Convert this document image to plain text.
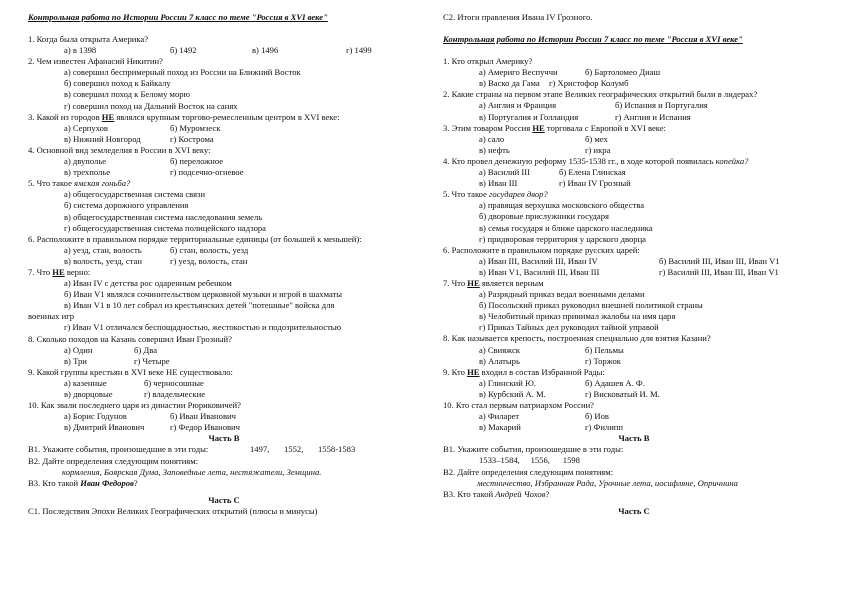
Контрольная работа по Истории России 7 класс по теме "Россия в XVI веке"
1. Когда была открыта Америка?
а) в 1398	б) 1492	в) 1496	г) 1499
2. Чем известен Афанасий Никитин?
а) совершил беспримерный поход из России на Ближний Восток
б) совершил поход к Байкалу
в) совершил поход к Белому морю
г) совершил поход на Дальний Восток на санях
3. Какой из городов НЕ являлся крупным торгово-ремесленным центром в XVI веке:
а) Серпухов	б) Муромзеск
в) Нижний Новгород	г) Кострома
4. Основной вид земледелия в России в XVI веку:
а) двуполье	б) переложное
в) трехполье	г) подсечно-огневое
5. Что такое ямская гоньба?
а) общегосударственная система связи
б) система дорожного управления
в) общегосударственная система наследования земель
г) общегосударственная система полицейского надзора
6. Расположите в правильном порядке территориальные единицы (от большей к меньшей):
а) уезд, стан, волость	б) стан, волость, уезд
в) волость, уезд, стан	г) уезд, волость, стан
7. Что НЕ верно:
а) Иван IV с детства рос одаренным ребенком
б) Иван V1 являлся сочинительством церковной музыки и игрой в шахматы
в) Иван V1 в 10 лет собрал из крестьянских детей "потешные" войска для
военных игр
г) Иван V1 отличался беспощадностью, жестокостью и подозрительностью
8. Сколько походов на Казань совершил Иван Грозный?
а) Один	б) Два
в) Три	г) Четыре
9. Какой группы крестьян в XVI веке НЕ существовало:
а) казенные	б) черносошные
в) дворцовые	г) владельческие
10. Как звали последнего царя из династии Рюриковичей?
а) Борис Годунов	б) Иван Иванович
в) Дмитрий Иванович	г) Федор Иванович
Часть В
В1. Укажите события, произошедшие в эти годы:	1497, 1552, 1558-1583
В2. Дайте определения следующим понятиям:
кормления, Боярская Дума, Заповедные лета, нестяжатели, Земщина.
В3. Кто такой Иван Федоров?
Часть С
С1. Последствия Эпохи Великих Географических открытий (плюсы и минусы)
С2. Итоги правления Ивана IV Грозного.
Контрольная работа по Истории России 7 класс по теме "Россия в XVI веке"
1. Кто открыл Америку?
а) Америго Веспуччи	б) Бартоломео Диаш
в) Васко да Гама г) Христофор Колумб
2. Какие страны на первом этапе Великих географических открытий были в лидерах?
а) Англия и Франция	б) Испания и Португалия
в) Португалия и Голландия	г) Англия и Испания
3. Этим товаром Россия НЕ торговала с Европой в XVI веке:
а) сало	б) мех
в) нефть	г) икра
4. Кто провел денежную реформу 1535-1538 гг., в ходе которой появилась копейка?
а) Василий III	б) Елена Глинская
в) Иван III	г) Иван IV Грозный
5. Что такое государев двор?
а) правящая верхушка московского общества
б) дворовые прислужники государя
в) семья государя и ближе царского наследника
г) придворовая территория у царского дворца
6. Расположите в правильном порядке русских царей:
а) Иван III, Василий III, Иван IV	б) Василий III, Иван III, Иван V1
в) Иван V1, Василий III, Иван III	г) Василий III, Иван III, Иван V1
7. Что НЕ является верным
а) Разрядный приказ ведал военными делами
б) Посольский приказ руководил внешней политикой страны
в) Челобитный приказ принимал жалобы на имя царя
г) Приказ Тайных дел руководил тайной управой
8. Как называется крепость, построенная специально для взятия Казани?
а) Свияжск	б) Пельмы
в) Алатырь	г) Торжок
9. Кто НЕ входил в состав Избранной Рады:
а) Глинский Ю.	б) Адашев А. Ф.
в) Курбский А. М.	г) Висковатый И. М.
10. Кто стал первым патриархом России?
а) Филарет	б) Иов
в) Макарий	г) Филипп
Часть В
В1. Укажите события, произошедшие в эти годы:
1533–1584,     1556,      1598
В2. Дайте определения следующим понятиям:
местничество, Избранная Рада, Урочные лета, иосифляне, Опричнина
В3. Кто такой Андрей Чохов?
Часть С
